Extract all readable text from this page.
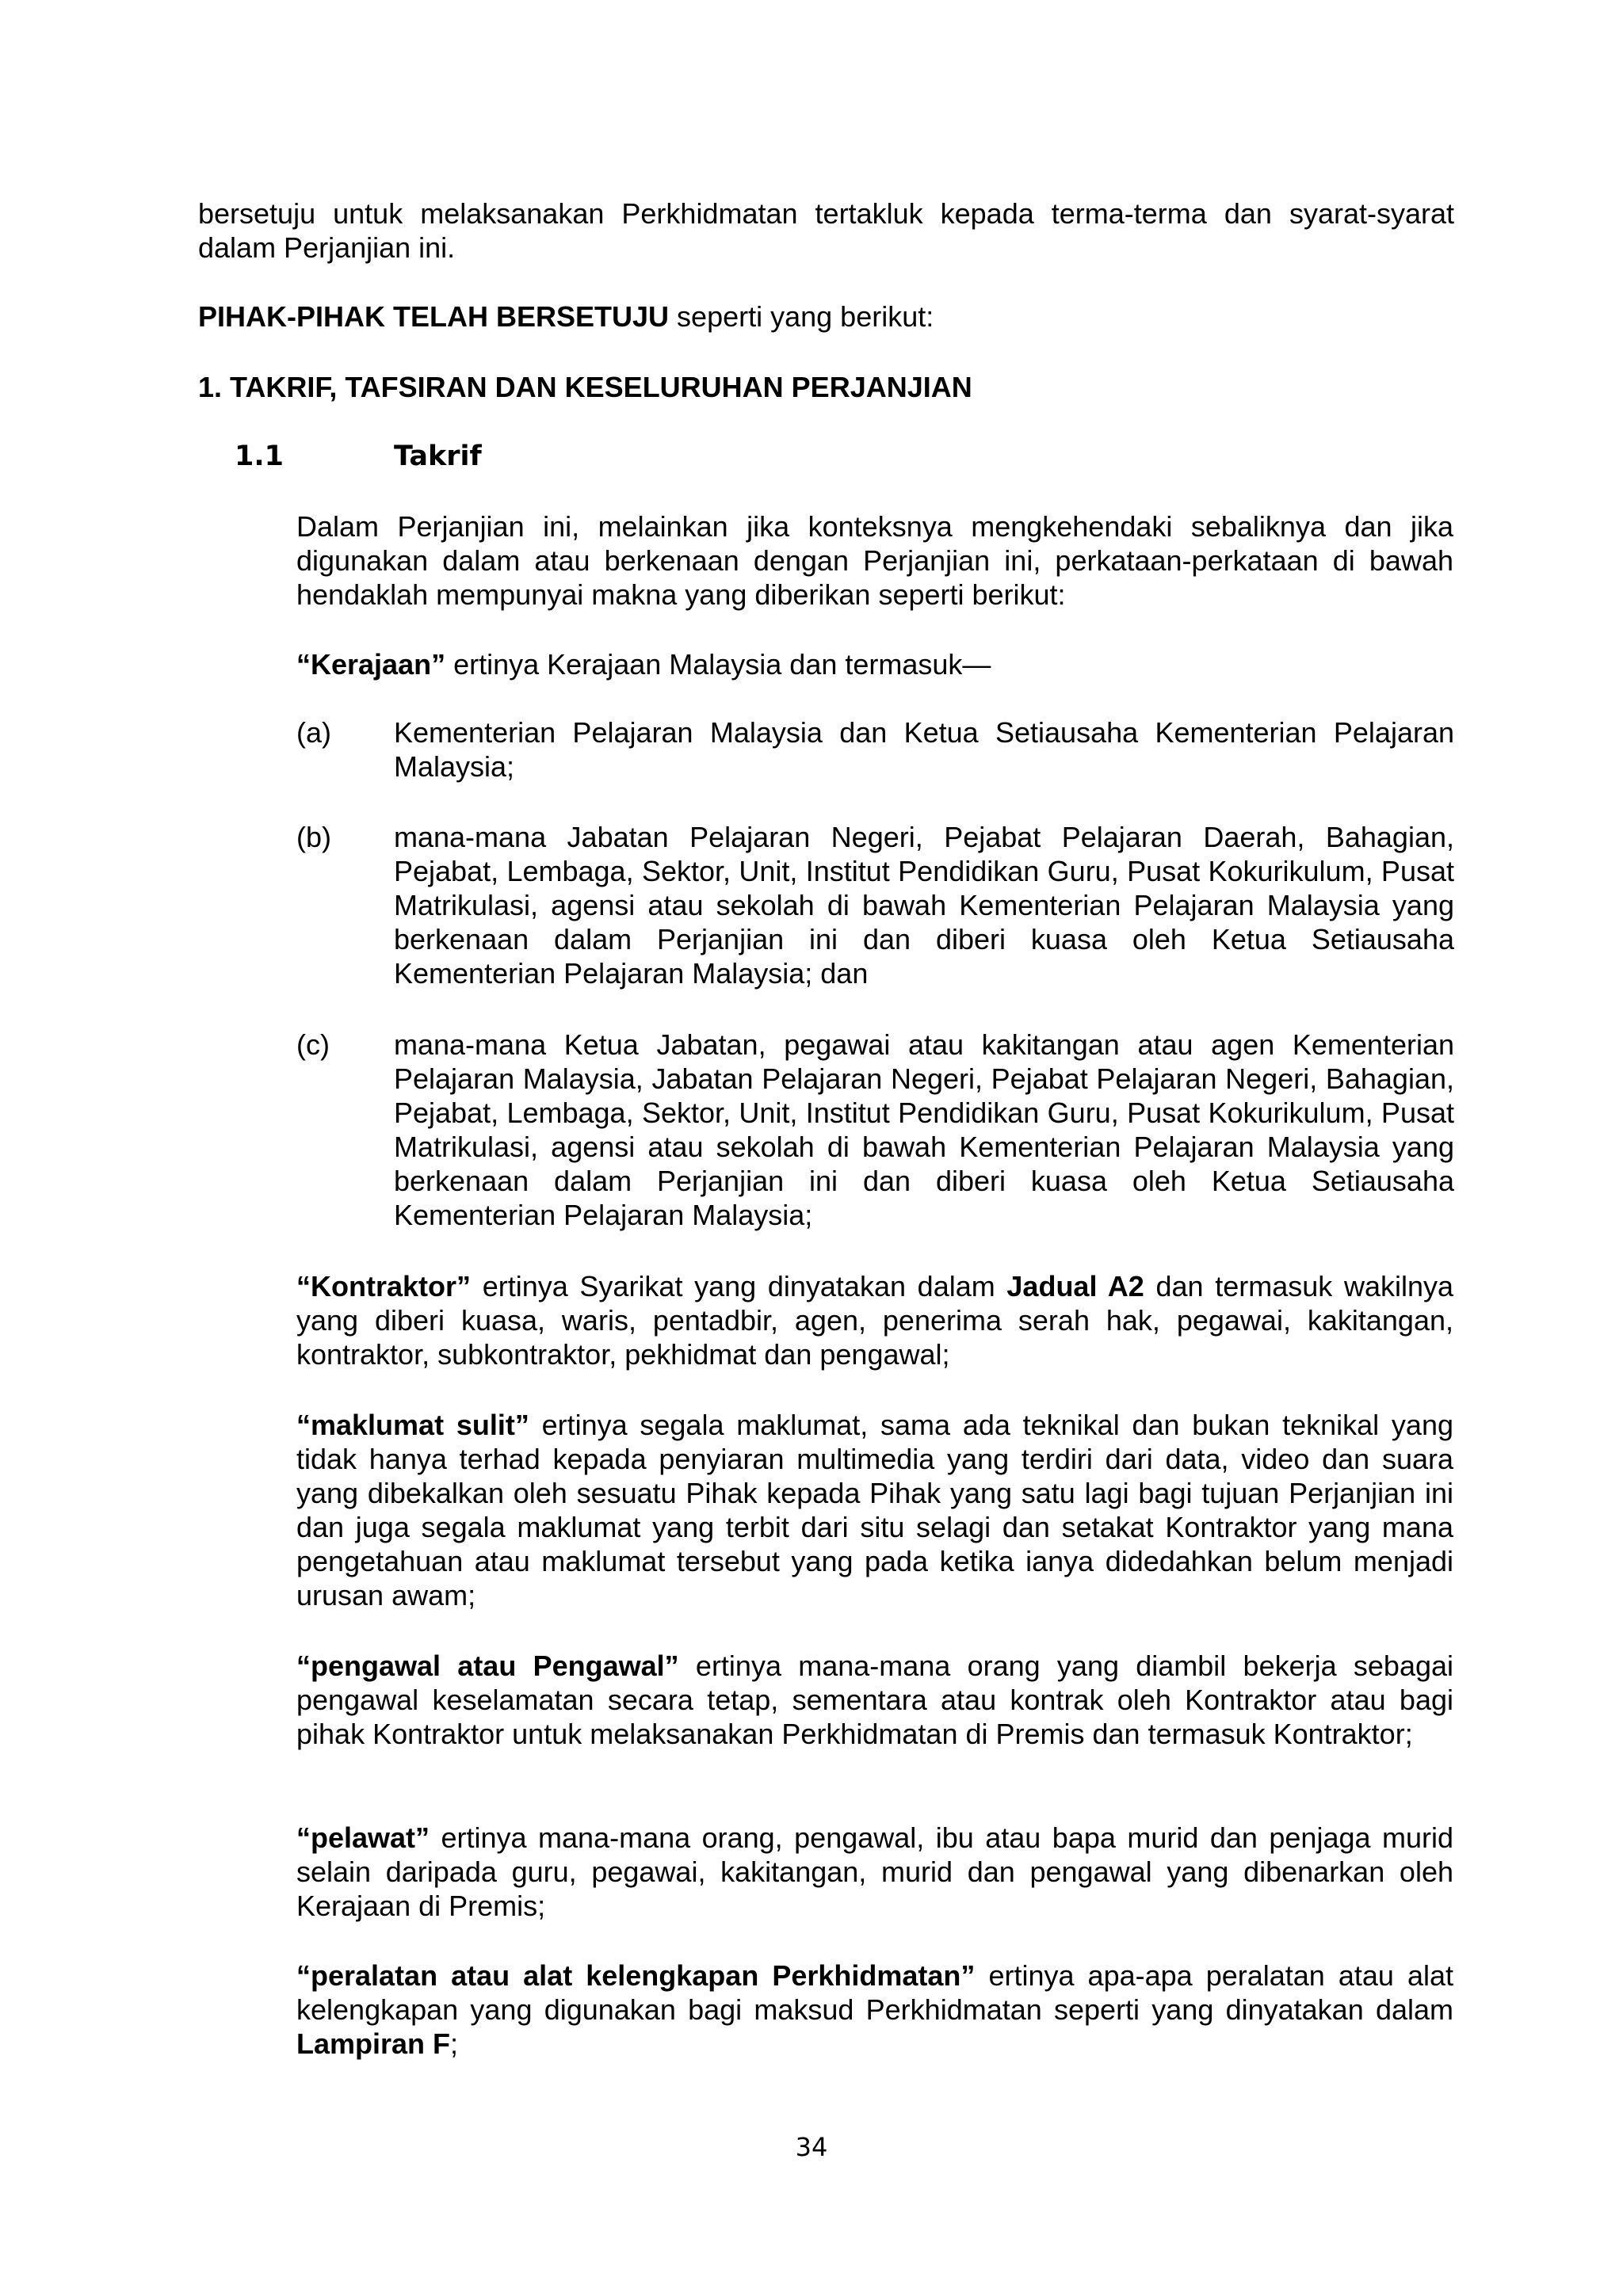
bersetuju untuk melaksanakan Perkhidmatan tertakluk kepada terma-terma dan syarat-syarat dalam Perjanjian ini.
PIHAK-PIHAK TELAH BERSETUJU seperti yang berikut:
1. TAKRIF, TAFSIRAN DAN KESELURUHAN PERJANJIAN
1.1	Takrif
Dalam Perjanjian ini, melainkan jika konteksnya mengkehendaki sebaliknya dan jika digunakan dalam atau berkenaan dengan Perjanjian ini, perkataan-perkataan di bawah hendaklah mempunyai makna yang diberikan seperti berikut:
“Kerajaan” ertinya Kerajaan Malaysia dan termasuk—
(a) Kementerian Pelajaran Malaysia dan Ketua Setiausaha Kementerian Pelajaran Malaysia;
(b) mana-mana Jabatan Pelajaran Negeri, Pejabat Pelajaran Daerah, Bahagian, Pejabat, Lembaga, Sektor, Unit, Institut Pendidikan Guru, Pusat Kokurikulum, Pusat Matrikulasi, agensi atau sekolah di bawah Kementerian Pelajaran Malaysia yang berkenaan dalam Perjanjian ini dan diberi kuasa oleh Ketua Setiausaha Kementerian Pelajaran Malaysia; dan
(c) mana-mana Ketua Jabatan, pegawai atau kakitangan atau agen Kementerian Pelajaran Malaysia, Jabatan Pelajaran Negeri, Pejabat Pelajaran Negeri, Bahagian, Pejabat, Lembaga, Sektor, Unit, Institut Pendidikan Guru, Pusat Kokurikulum, Pusat Matrikulasi, agensi atau sekolah di bawah Kementerian Pelajaran Malaysia yang berkenaan dalam Perjanjian ini dan diberi kuasa oleh Ketua Setiausaha Kementerian Pelajaran Malaysia;
“Kontraktor” ertinya Syarikat yang dinyatakan dalam Jadual A2 dan termasuk wakilnya yang diberi kuasa, waris, pentadbir, agen, penerima serah hak, pegawai, kakitangan, kontraktor, subkontraktor, pekhidmat dan pengawal;
“maklumat sulit” ertinya segala maklumat, sama ada teknikal dan bukan teknikal yang tidak hanya terhad kepada penyiaran multimedia yang terdiri dari data, video dan suara yang dibekalkan oleh sesuatu Pihak kepada Pihak yang satu lagi bagi tujuan Perjanjian ini dan juga segala maklumat yang terbit dari situ selagi dan setakat Kontraktor yang mana pengetahuan atau maklumat tersebut yang pada ketika ianya didedahkan belum menjadi urusan awam;
“pengawal atau Pengawal” ertinya mana-mana orang yang diambil bekerja sebagai pengawal keselamatan secara tetap, sementara atau kontrak oleh Kontraktor atau bagi pihak Kontraktor untuk melaksanakan Perkhidmatan di Premis dan termasuk Kontraktor;
“pelawat” ertinya mana-mana orang, pengawal, ibu atau bapa murid dan penjaga murid selain daripada guru, pegawai, kakitangan, murid dan pengawal yang dibenarkan oleh Kerajaan di Premis;
“peralatan atau alat kelengkapan Perkhidmatan” ertinya apa-apa peralatan atau alat kelengkapan yang digunakan bagi maksud Perkhidmatan seperti yang dinyatakan dalam Lampiran F;
34
